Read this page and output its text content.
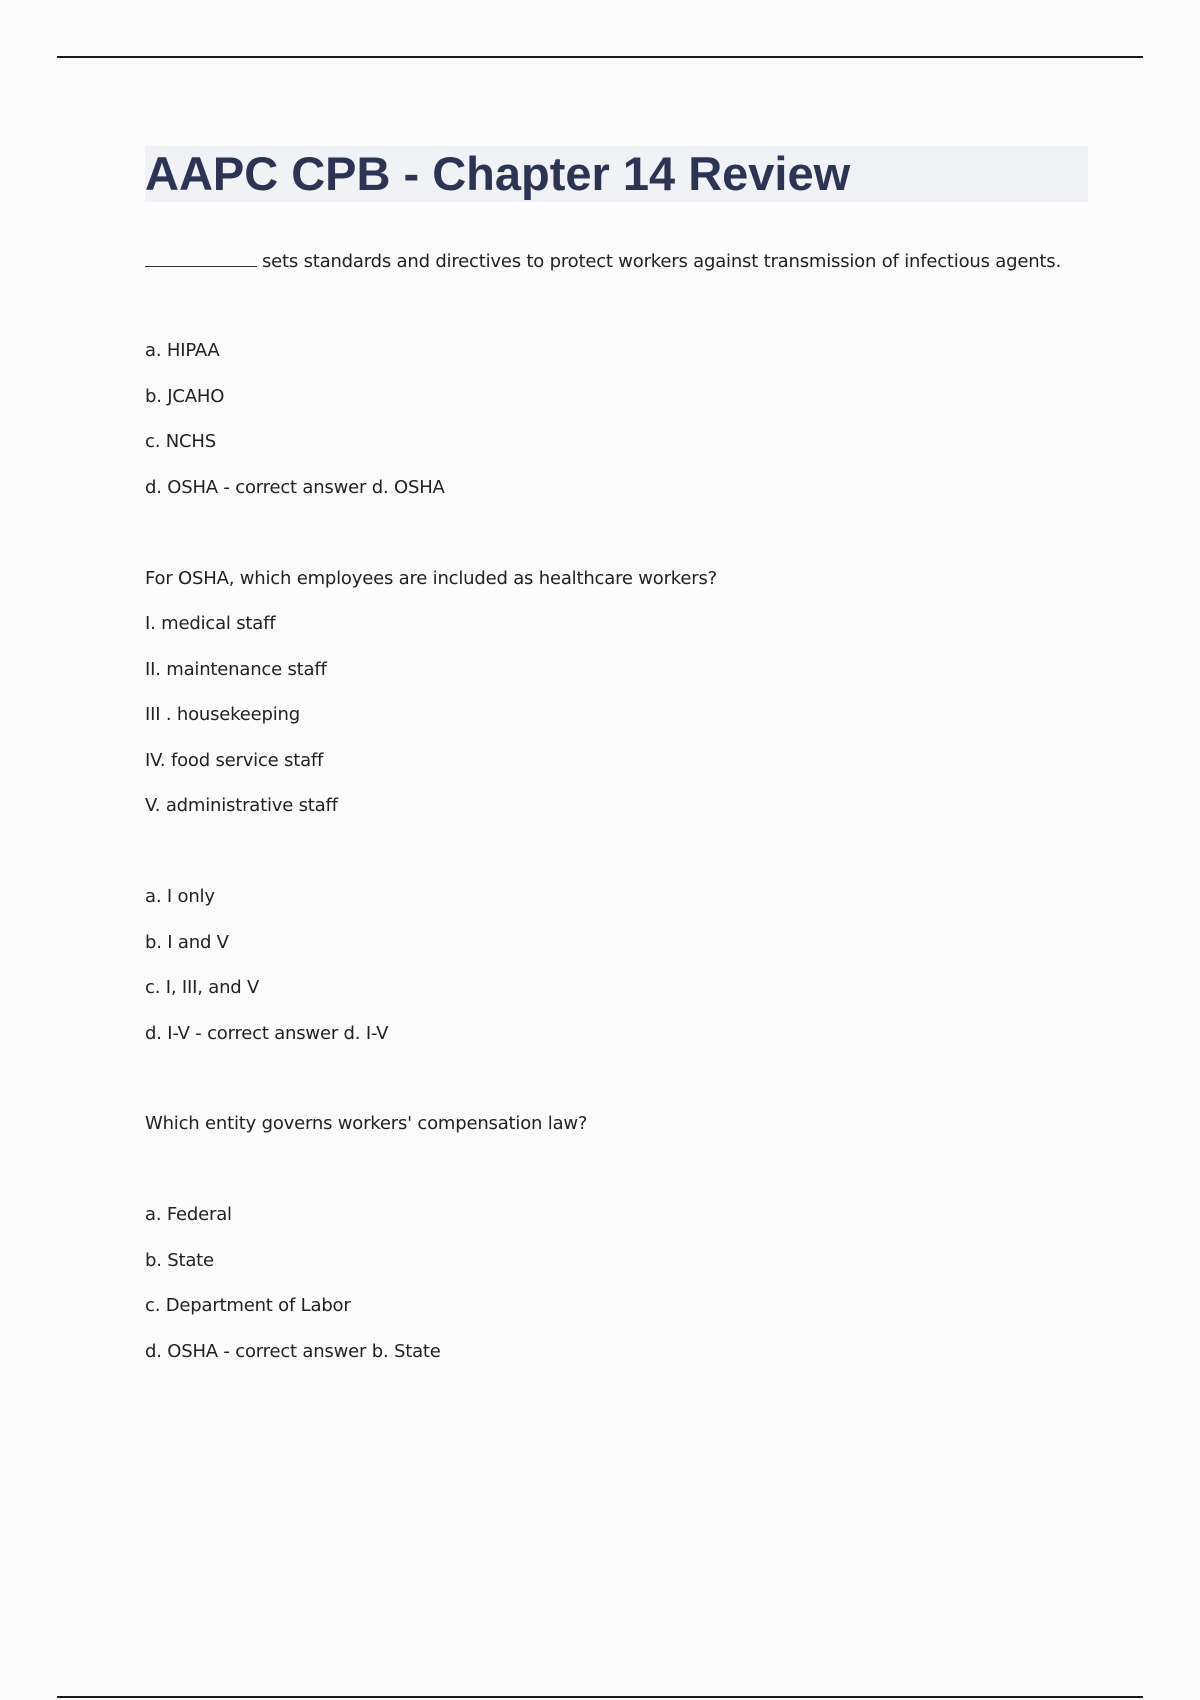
AAPC CPB - Chapter 14 Review

sets standards and directives to protect workers against transmission of infectious agents.

a. HIPAA

b. JCAHO

c. NCHS

d. OSHA - correct answer d. OSHA

For OSHA, which employees are included as healthcare workers?

I. medical staff

II. maintenance staff

III . housekeeping

IV. food service staff

V. administrative staff

a. I only

b. I and V

c. I, III, and V

d. I-V - correct answer d. I-V

Which entity governs workers' compensation law?

a. Federal

b. State

c. Department of Labor

d. OSHA - correct answer b. State
